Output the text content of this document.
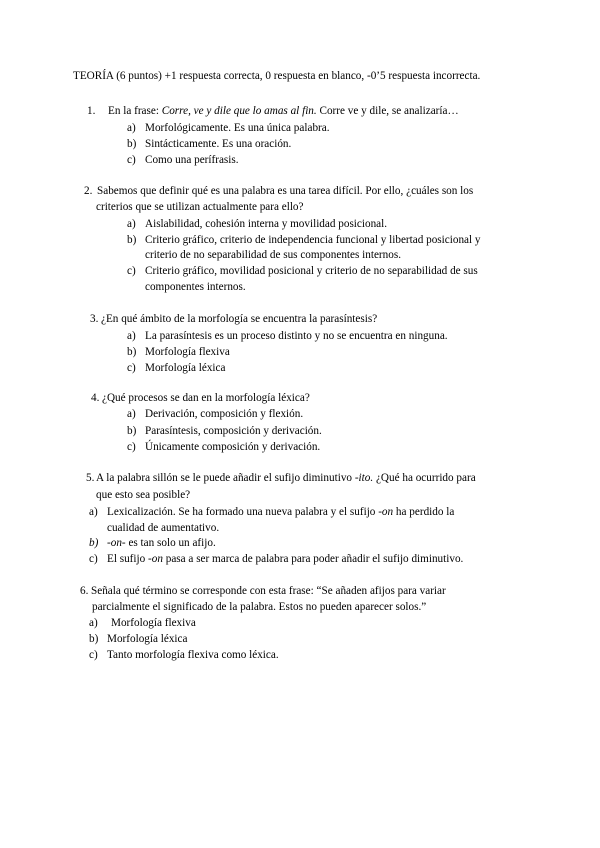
TEORÍA (6 puntos) +1 respuesta correcta, 0 respuesta en blanco, -0’5 respuesta incorrecta.
1. En la frase: Corre, ve y dile que lo amas al fin. Corre ve y dile, se analizaría…
a) Morfológicamente. Es una única palabra.
b) Sintácticamente. Es una oración.
c) Como una perífrasis.
2. Sabemos que definir qué es una palabra es una tarea difícil. Por ello, ¿cuáles son los
criterios que se utilizan actualmente para ello?
a) Aislabilidad, cohesión interna y movilidad posicional.
b) Criterio gráfico, criterio de independencia funcional y libertad posicional y
criterio de no separabilidad de sus componentes internos.
c) Criterio gráfico, movilidad posicional y criterio de no separabilidad de sus
componentes internos.
3. ¿En qué ámbito de la morfología se encuentra la parasíntesis?
a) La parasíntesis es un proceso distinto y no se encuentra en ninguna.
b) Morfología flexiva
c) Morfología léxica
4. ¿Qué procesos se dan en la morfología léxica?
a) Derivación, composición y flexión.
b) Parasíntesis, composición y derivación.
c) Únicamente composición y derivación.
5. A la palabra sillón se le puede añadir el sufijo diminutivo -ito. ¿Qué ha ocurrido para
que esto sea posible?
a) Lexicalización. Se ha formado una nueva palabra y el sufijo -on ha perdido la
cualidad de aumentativo.
b) -on- es tan solo un afijo.
c) El sufijo -on pasa a ser marca de palabra para poder añadir el sufijo diminutivo.
6. Señala qué término se corresponde con esta frase: “Se añaden afijos para variar
parcialmente el significado de la palabra. Estos no pueden aparecer solos.”
a) Morfología flexiva
b) Morfología léxica
c) Tanto morfología flexiva como léxica.
